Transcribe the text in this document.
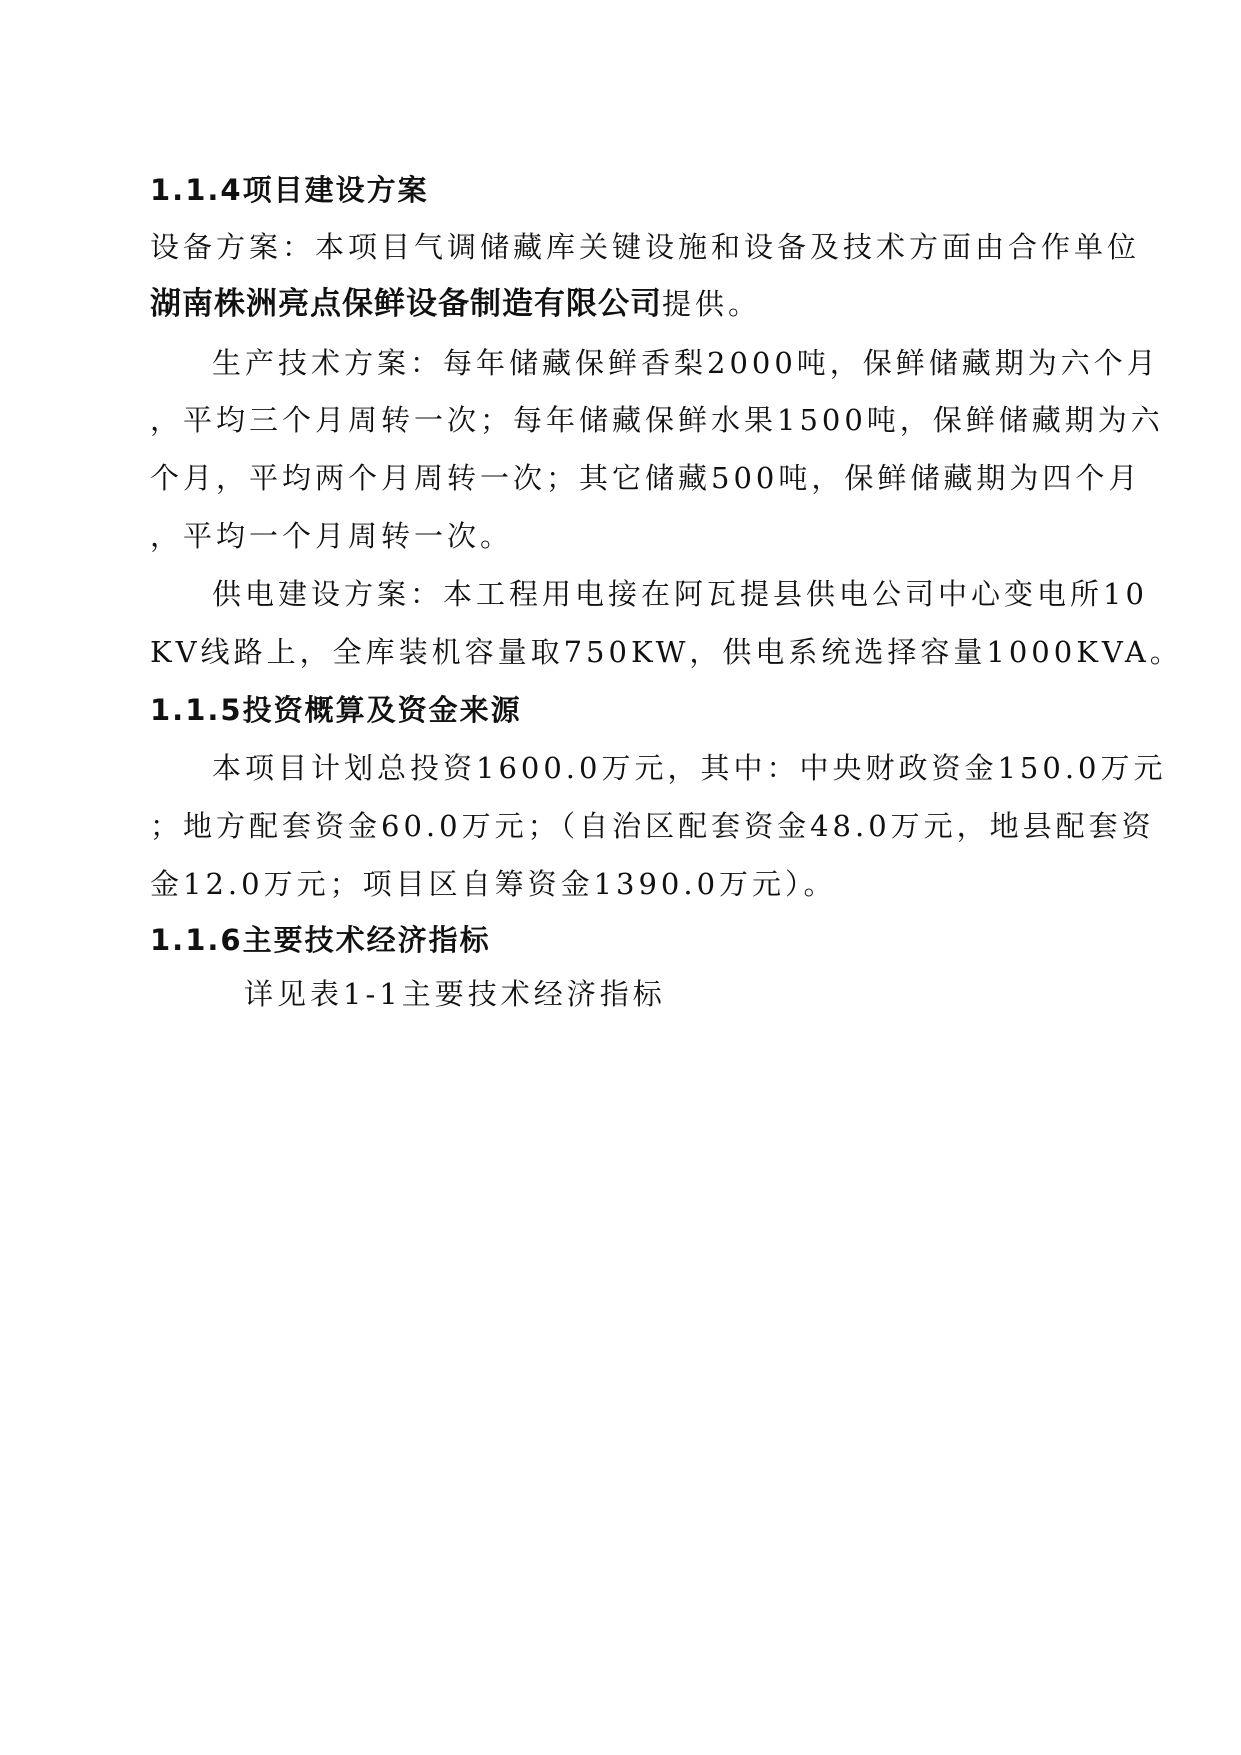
1.1.4项目建设方案
设备方案：本项目气调储藏库关键设施和设备及技术方面由合作单位
湖南株洲亮点保鲜设备制造有限公司提供。
生产技术方案：每年储藏保鲜香梨2000吨，保鲜储藏期为六个月
，平均三个月周转一次；每年储藏保鲜水果1500吨，保鲜储藏期为六
个月，平均两个月周转一次；其它储藏500吨，保鲜储藏期为四个月
，平均一个月周转一次。
供电建设方案：本工程用电接在阿瓦提县供电公司中心变电所10
KV线路上，全库装机容量取750KW，供电系统选择容量1000KVA。
1.1.5投资概算及资金来源
本项目计划总投资1600.0万元，其中：中央财政资金150.0万元
；地方配套资金60.0万元；（自治区配套资金48.0万元，地县配套资
金12.0万元；项目区自筹资金1390.0万元）。
1.1.6主要技术经济指标
详见表1-1主要技术经济指标
